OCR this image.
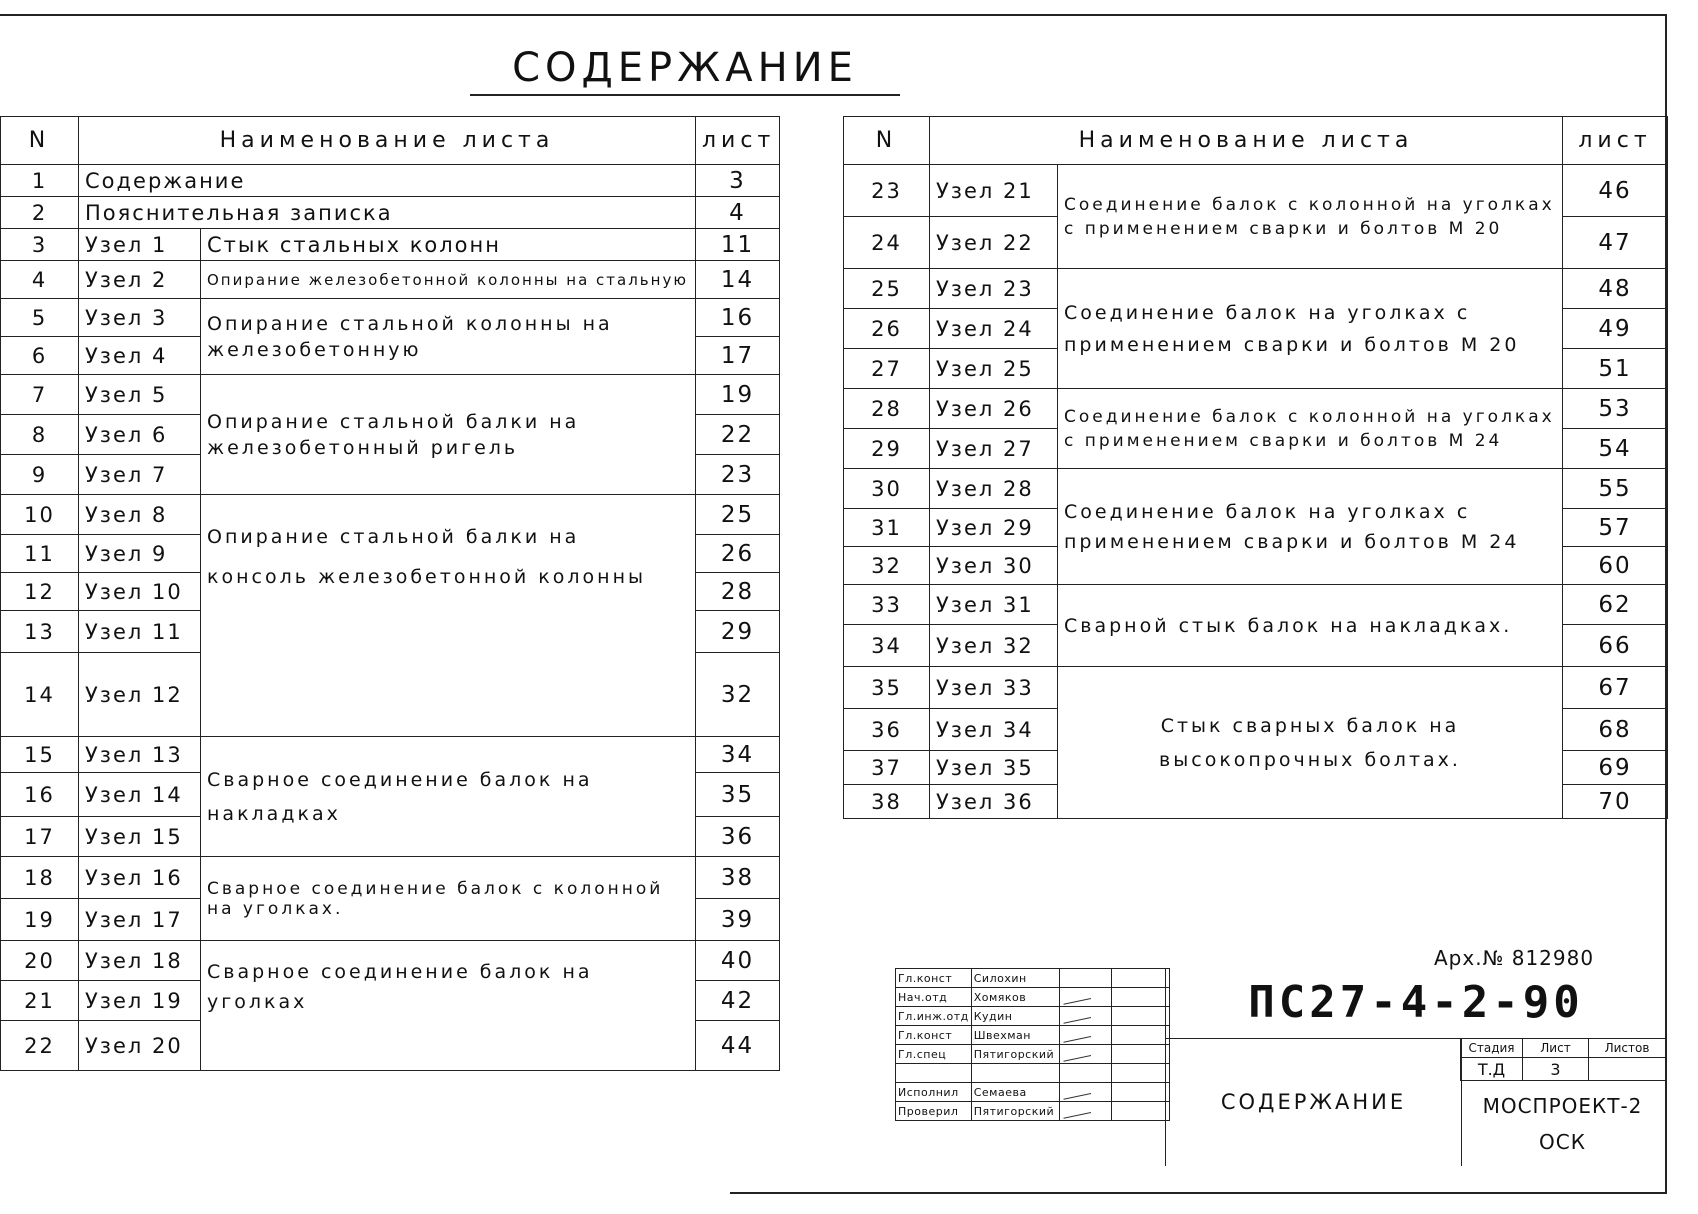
СОДЕРЖАНИЕ
N	Наименование листа		лист	
1	Содержание		3	
2	Пояснительная записка		4	
3	Узел 1	Стык стальных колонн	11	
4	Узел 2	Опирание железобетонной колонны на стальную	14	
5	Узел 3	Опирание стальной колонны на железобетонную	16	
6	Узел 4		17	
7	Узел 5	Опирание стальной балки на железобетонный ригель	19	
8	Узел 6		22	
9	Узел 7		23	
10	Узел 8	Опирание стальной балки на консоль железобетонной колонны	25	
11	Узел 9		26	
12	Узел 10		28	
13	Узел 11		29	
14	Узел 12		32	
15	Узел 13	Сварное соединение балок на накладках	34	
16	Узел 14		35	
17	Узел 15		36	
18	Узел 16	Сварное соединение балок с колонной на уголках.	38	
19	Узел 17		39	
20	Узел 18	Сварное соединение балок на уголках	40	
21	Узел 19		42	
22	Узел 20		44	
N	Наименование листа		лист
23	Узел 21	Соединение балок с колонной на уголках с применением сварки и болтов М 20	46
24	Узел 22		47
25	Узел 23	Соединение балок на уголках с применением сварки и болтов М 20	48
26	Узел 24		49
27	Узел 25		51
28	Узел 26	Соединение балок с колонной на уголках с применением сварки и болтов М 24	53
29	Узел 27		54
30	Узел 28	Соединение балок на уголках с применением сварки и болтов М 24	55
31	Узел 29		57
32	Узел 30		60
33	Узел 31	Сварной стык балок на накладках.	62
34	Узел 32		66
35	Узел 33	Стык сварных балок на высокопрочных болтах.	67
36	Узел 34		68
37	Узел 35		69
38	Узел 36		70
Арх.№ 812980
Гл.конст	Силохин		
Нач.отд	Хомяков		
Гл.инж.отд	Кудин		
Гл.конст	Швехман		
Гл.спец	Пятигорский		

Исполнил	Семаева		
Проверил	Пятигорский		
ПС27-4-2-90
СОДЕРЖАНИЕ
Стадия	Лист	Листов
Т.Д	3	
МОСПРОЕКТ-2
ОСК
